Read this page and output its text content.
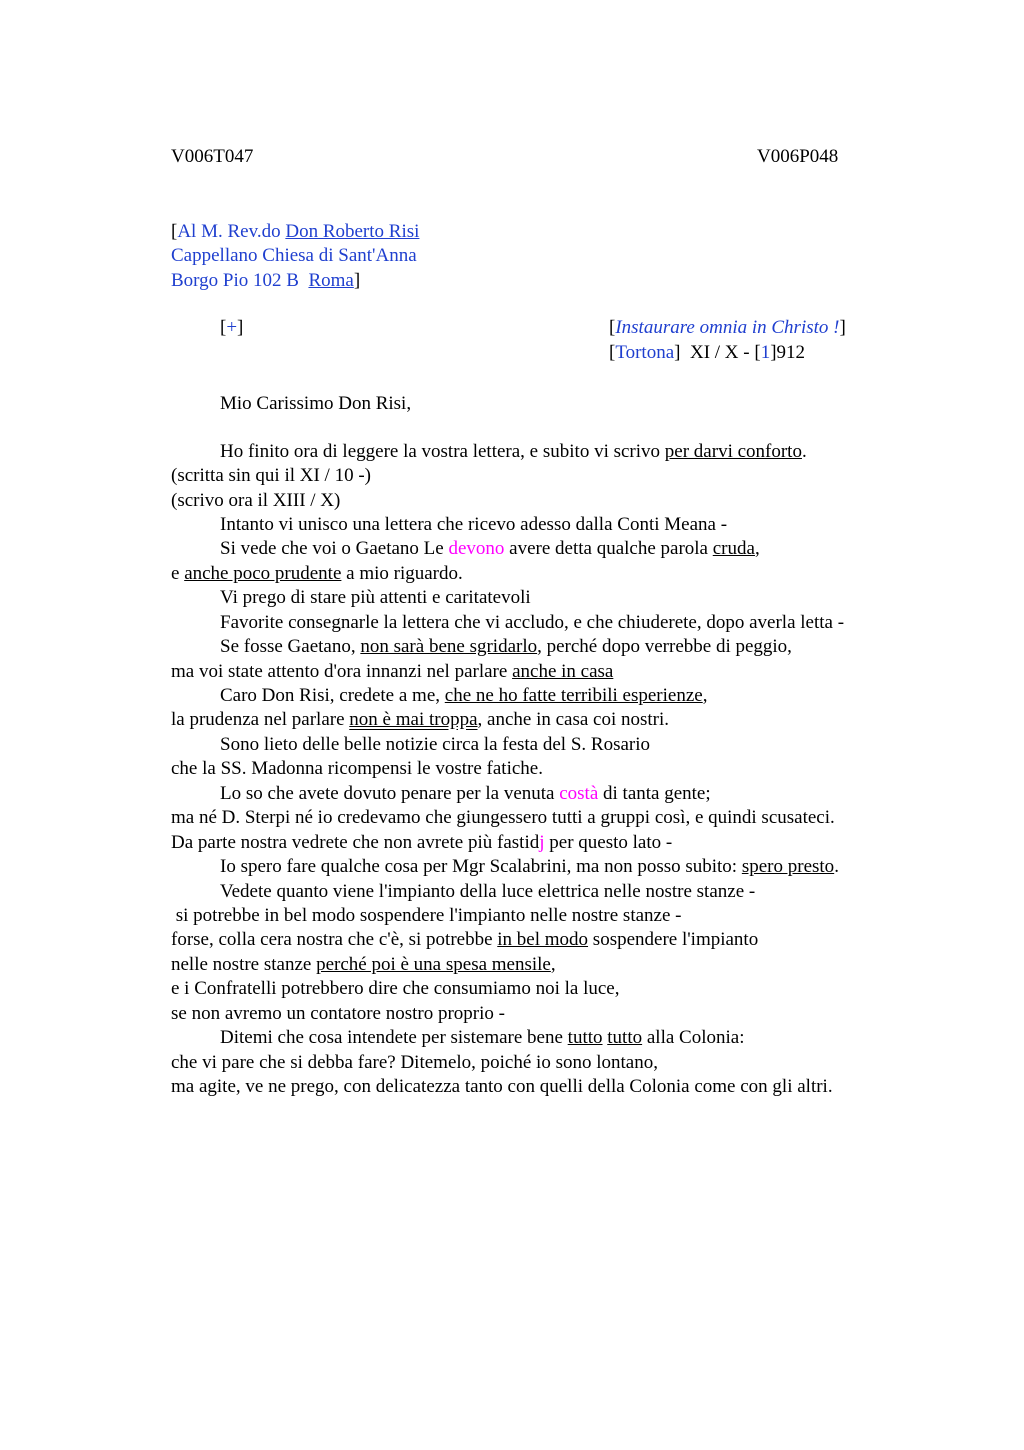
V006T047	V006P048
[Al M. Rev.do Don Roberto Risi
Cappellano Chiesa di Sant'Anna
Borgo Pio 102 B  Roma]
[+]	[Instaurare omnia in Christo !]
[Tortona]  XI / X - [1]912
Mio Carissimo Don Risi,
Ho finito ora di leggere la vostra lettera, e subito vi scrivo per darvi conforto.
(scritta sin qui il XI / 10 -)
(scrivo ora il XIII / X)
Intanto vi unisco una lettera che ricevo adesso dalla Conti Meana -
Si vede che voi o Gaetano Le devono avere detta qualche parola cruda,
e anche poco prudente a mio riguardo.
Vi prego di stare più attenti e caritatevoli
Favorite consegnarle la lettera che vi accludo, e che chiuderete, dopo averla letta -
Se fosse Gaetano, non sarà bene sgridarlo, perché dopo verrebbe di peggio,
ma voi state attento d'ora innanzi nel parlare anche in casa
Caro Don Risi, credete a me, che ne ho fatte terribili esperienze,
la prudenza nel parlare non è mai troppa, anche in casa coi nostri.
Sono lieto delle belle notizie circa la festa del S. Rosario
che la SS. Madonna ricompensi le vostre fatiche.
Lo so che avete dovuto penare per la venuta costà di tanta gente;
ma né D. Sterpi né io credevamo che giungessero tutti a gruppi così, e quindi scusateci.
Da parte nostra vedrete che non avrete più fastidj per questo lato -
Io spero fare qualche cosa per Mgr Scalabrini, ma non posso subito: spero presto.
Vedete quanto viene l'impianto della luce elettrica nelle nostre stanze -
si potrebbe in bel modo sospendere l'impianto nelle nostre stanze -
forse, colla cera nostra che c'è, si potrebbe in bel modo sospendere l'impianto
nelle nostre stanze perché poi è una spesa mensile,
e i Confratelli potrebbero dire che consumiamo noi la luce,
se non avremo un contatore nostro proprio -
Ditemi che cosa intendete per sistemare bene tutto tutto alla Colonia:
che vi pare che si debba fare? Ditemelo, poiché io sono lontano,
ma agite, ve ne prego, con delicatezza tanto con quelli della Colonia come con gli altri.
